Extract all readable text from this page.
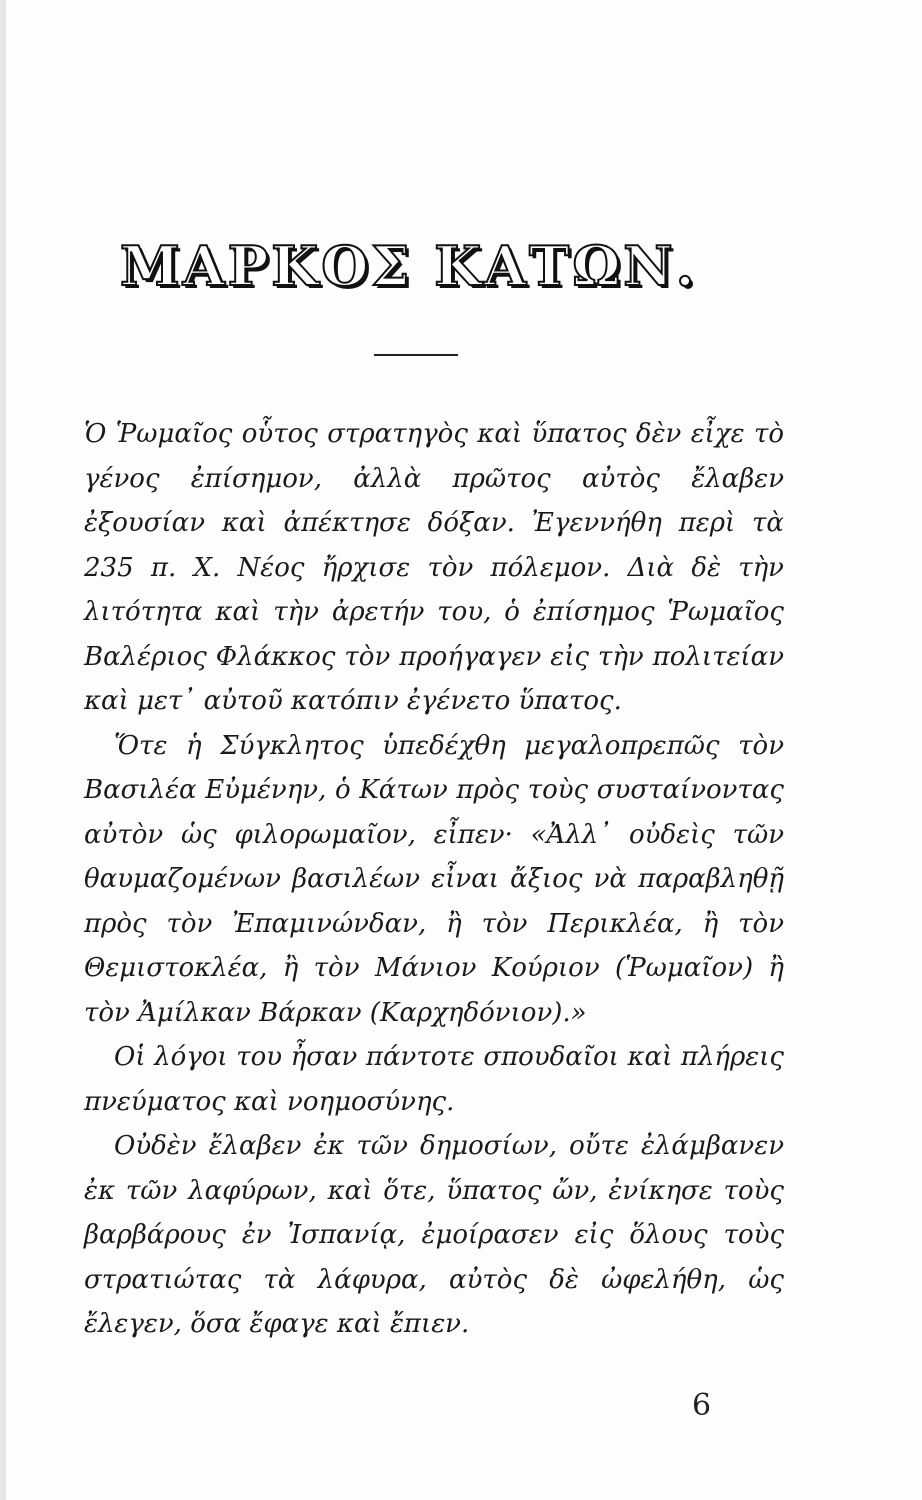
ΜΑΡΚΟΣ ΚΑΤΩΝ.

Ὁ Ῥωμαῖος οὗτος στρατηγὸς καὶ ὕπατος δὲν εἶχε τὸ γένος ἐπίσημον, ἀλλὰ πρῶτος αὐτὸς ἔλαβεν ἐξουσίαν καὶ ἀπέκτησε δόξαν. Ἐγεννήθη περὶ τὰ 235 π. Χ. Νέος ἤρχισε τὸν πόλεμον. Διὰ δὲ τὴν λιτότητα καὶ τὴν ἀρετήν του, ὁ ἐπίσημος Ῥωμαῖος Βαλέριος Φλάκκος τὸν προήγαγεν εἰς τὴν πολιτείαν καὶ μετ᾽ αὐτοῦ κατόπιν ἐγένετο ὕπατος.

Ὅτε ἡ Σύγκλητος ὑπεδέχθη μεγαλοπρεπῶς τὸν Βασιλέα Εὐμένην, ὁ Κάτων πρὸς τοὺς συσταίνοντας αὐτὸν ὡς φιλορωμαῖον, εἶπεν· «Ἀλλ᾽ οὐδεὶς τῶν θαυμαζομένων βασιλέων εἶναι ἄξιος νὰ παραβληθῇ πρὸς τὸν Ἐπαμινώνδαν, ἢ τὸν Περικλέα, ἢ τὸν Θεμιστοκλέα, ἢ τὸν Μάνιον Κούριον (Ῥωμαῖον) ἢ τὸν Ἀμίλκαν Βάρκαν (Καρχηδόνιον).»

Οἱ λόγοι του ἦσαν πάντοτε σπουδαῖοι καὶ πλήρεις πνεύματος καὶ νοημοσύνης.

Οὐδὲν ἔλαβεν ἐκ τῶν δημοσίων, οὔτε ἐλάμβανεν ἐκ τῶν λαφύρων, καὶ ὅτε, ὕπατος ὤν, ἐνίκησε τοὺς βαρβάρους ἐν Ἰσπανίᾳ, ἐμοίρασεν εἰς ὅλους τοὺς στρατιώτας τὰ λάφυρα, αὐτὸς δὲ ὠφελήθη, ὡς ἔλεγεν, ὅσα ἔφαγε καὶ ἔπιεν.

6
